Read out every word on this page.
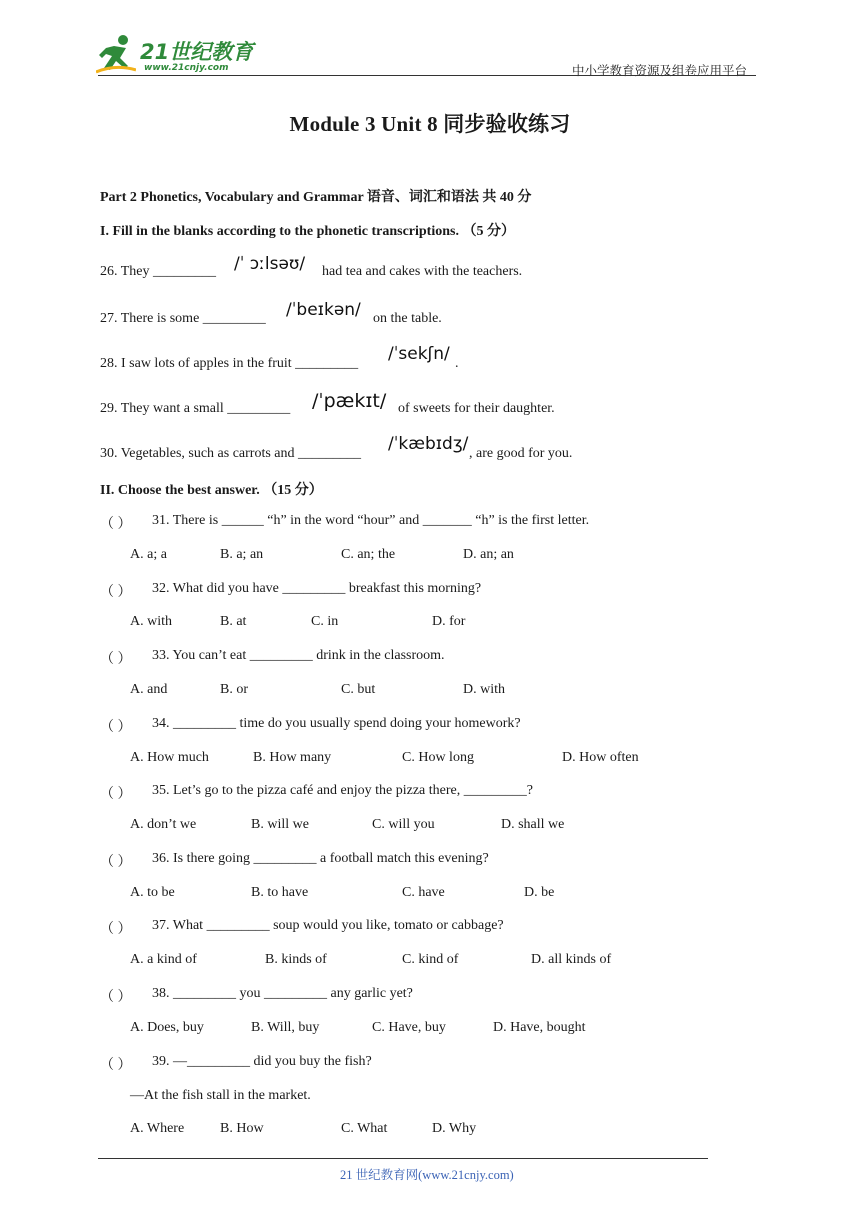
21世纪教育
www.21cnjy.com	中小学教育资源及组卷应用平台
Module 3 Unit 8 同步验收练习
Part 2 Phonetics, Vocabulary and Grammar 语音、词汇和语法 共 40 分
I. Fill in the blanks according to the phonetic transcriptions. （5 分）
26. They _________ /ˈ ɔːlsəʊ/ had tea and cakes with the teachers.
27. There is some _________ /ˈbeɪkən/ on the table.
28. I saw lots of apples in the fruit _________ /ˈsekʃn/ .
29. They want a small _________ /ˈpækɪt/ of sweets for their daughter.
30. Vegetables, such as carrots and _________ /ˈkæbɪdʒ/ , are good for you.
II. Choose the best answer. （15 分）
（ ） 31. There is ______ “h” in the word “hour” and _______ “h” is the first letter.
A. a; a	B. a; an	C. an; the	D. an; an
（ ） 32. What did you have _________ breakfast this morning?
A. with	B. at	C. in	D. for
（ ） 33. You can’t eat _________ drink in the classroom.
A. and	B. or	C. but	D. with
（ ） 34. _________ time do you usually spend doing your homework?
A. How much	B. How many	C. How long	D. How often
（ ） 35. Let’s go to the pizza café and enjoy the pizza there, _________?
A. don’t we	B. will we	C. will you	D. shall we
（ ） 36. Is there going _________ a football match this evening?
A. to be	B. to have	C. have	D. be
（ ） 37. What _________ soup would you like, tomato or cabbage?
A. a kind of	B. kinds of	C. kind of	D. all kinds of
（ ） 38. _________ you _________ any garlic yet?
A. Does, buy	B. Will, buy	C. Have, buy	D. Have, bought
（ ） 39. —_________ did you buy the fish?
—At the fish stall in the market.
A. Where	B. How	C. What	D. Why
21 世纪教育网(www.21cnjy.com)
